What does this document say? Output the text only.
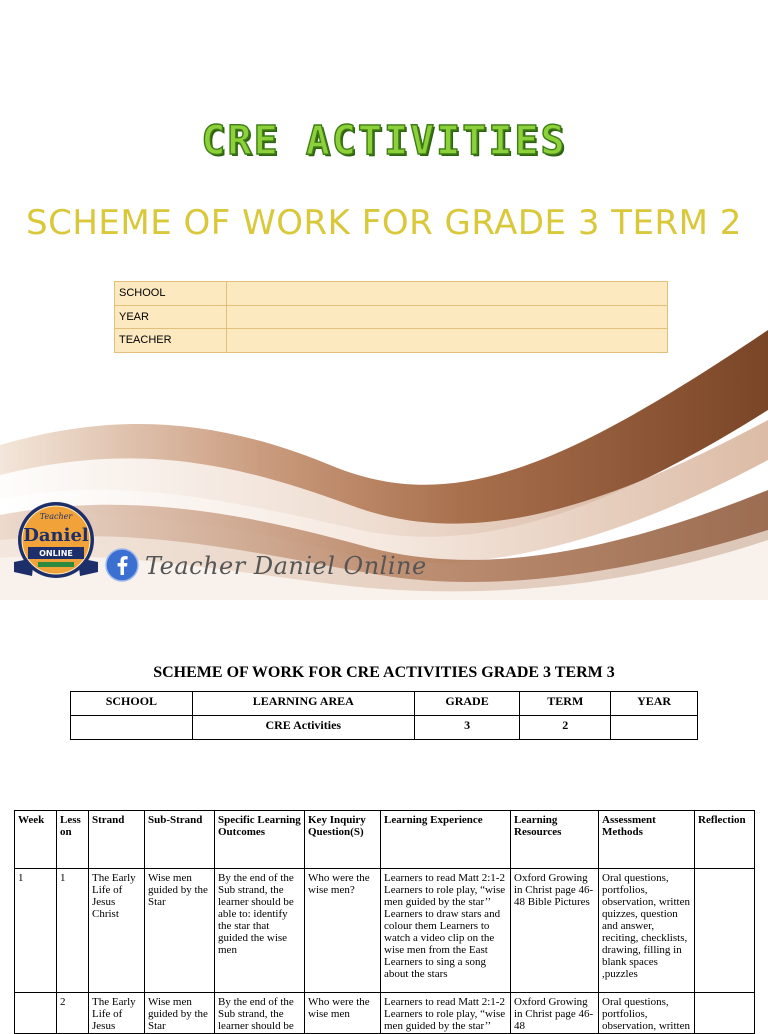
CRE ACTIVITIES
SCHEME OF WORK FOR GRADE 3 TERM 2
SCHOOL	
YEAR	
TEACHER	
Teacher
Daniel
ONLINE	Teacher Daniel Online
SCHEME OF WORK FOR CRE ACTIVITIES GRADE 3 TERM 3
SCHOOL	LEARNING AREA	GRADE	TERM	YEAR
	CRE Activities	3	2	
Week	Less on	Strand	Sub-Strand	Specific Learning Outcomes	Key Inquiry Question(S)	Learning Experience	Learning Resources	Assessment Methods	Reflection
1	1	The Early Life of Jesus Christ	Wise men guided by the Star	By the end of the Sub strand, the learner should be able to: identify the star that guided the wise men	Who were the wise men?	Learners to read Matt 2:1-2 Learners to role play, “wise men guided by the star’’ Learners to draw stars and colour them Learners to watch a video clip on the wise men from the East Learners to sing a song about the stars	Oxford Growing in Christ page 46-48 Bible Pictures	Oral questions, portfolios, observation, written quizzes, question and answer, reciting, checklists, drawing, filling in blank spaces ,puzzles	

	2	The Early Life of Jesus	Wise men guided by the Star	By the end of the Sub strand, the learner should be	Who were the wise men	Learners to read Matt 2:1-2 Learners to role play, “wise men guided by the star’’	Oxford Growing in Christ page 46-48	Oral questions, portfolios, observation, written	
